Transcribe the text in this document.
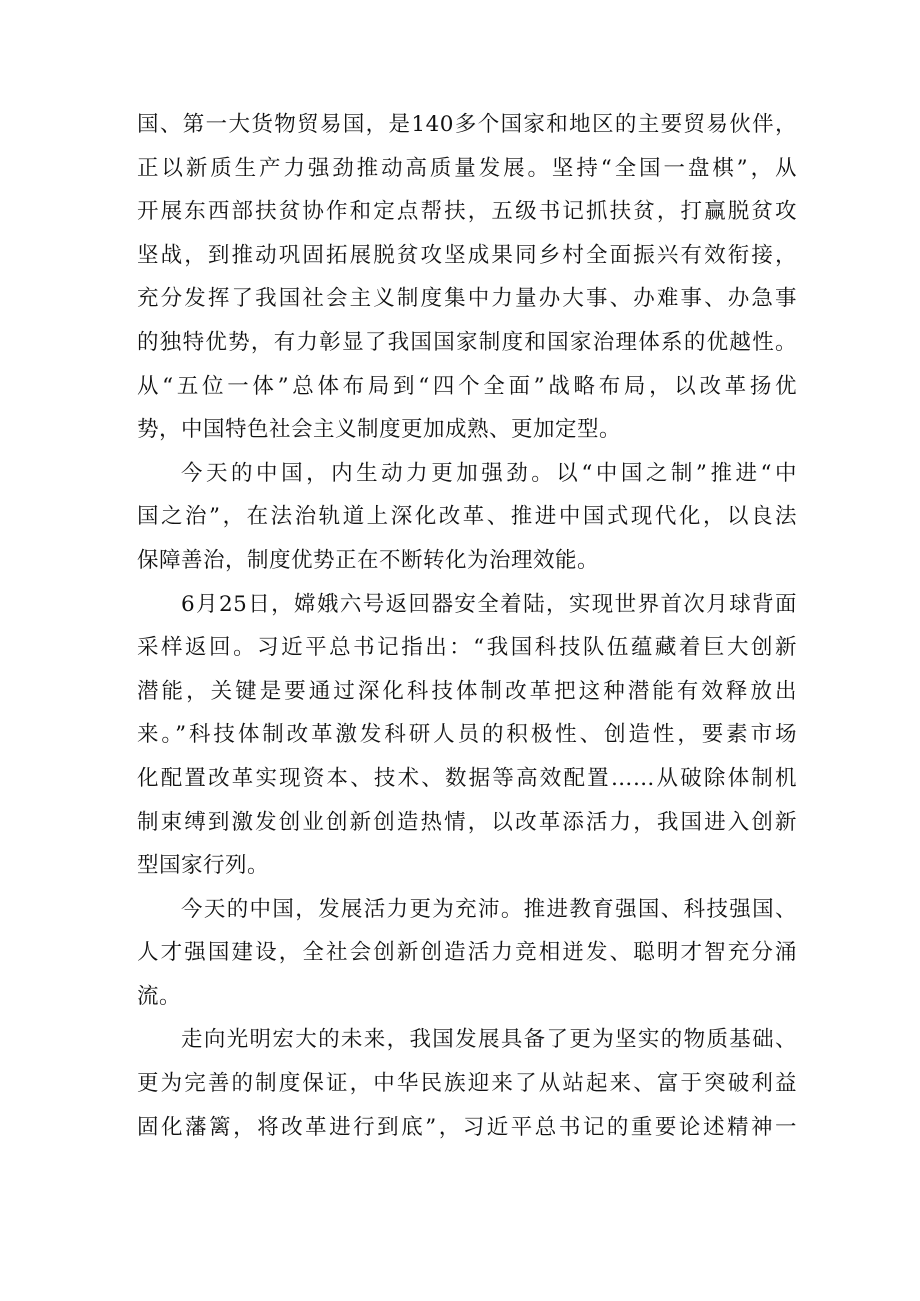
国、第一大货物贸易国，是140多个国家和地区的主要贸易伙伴，
正以新质生产力强劲推动高质量发展。坚持“全国一盘棋”，从
开展东西部扶贫协作和定点帮扶，五级书记抓扶贫，打赢脱贫攻
坚战，到推动巩固拓展脱贫攻坚成果同乡村全面振兴有效衔接，
充分发挥了我国社会主义制度集中力量办大事、办难事、办急事
的独特优势，有力彰显了我国国家制度和国家治理体系的优越性。
从“五位一体”总体布局到“四个全面”战略布局，以改革扬优
势，中国特色社会主义制度更加成熟、更加定型。
今天的中国，内生动力更加强劲。以“中国之制”推进“中
国之治”，在法治轨道上深化改革、推进中国式现代化，以良法
保障善治，制度优势正在不断转化为治理效能。
6月25日，嫦娥六号返回器安全着陆，实现世界首次月球背面
采样返回。习近平总书记指出：“我国科技队伍蕴藏着巨大创新
潜能，关键是要通过深化科技体制改革把这种潜能有效释放出
来。”科技体制改革激发科研人员的积极性、创造性，要素市场
化配置改革实现资本、技术、数据等高效配置……从破除体制机
制束缚到激发创业创新创造热情，以改革添活力，我国进入创新
型国家行列。
今天的中国，发展活力更为充沛。推进教育强国、科技强国、
人才强国建设，全社会创新创造活力竞相迸发、聪明才智充分涌
流。
走向光明宏大的未来，我国发展具备了更为坚实的物质基础、
更为完善的制度保证，中华民族迎来了从站起来、富于突破利益
固化藩篱，将改革进行到底”，习近平总书记的重要论述精神一
